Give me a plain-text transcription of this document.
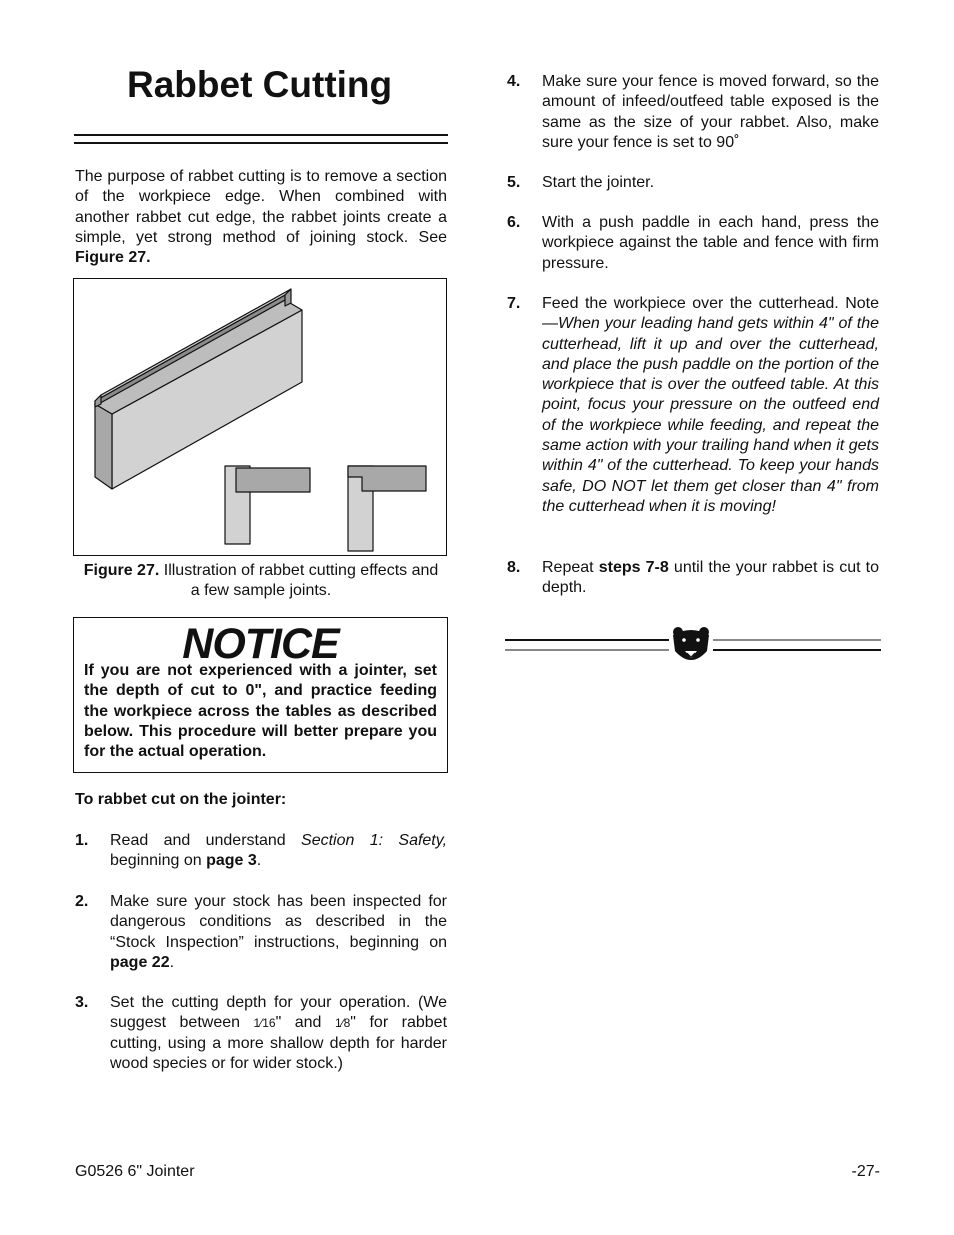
Rabbet Cutting

The purpose of rabbet cutting is to remove a section of the workpiece edge. When combined with another rabbet cut edge, the rabbet joints create a simple, yet strong method of joining stock. See Figure 27.

Figure 27. Illustration of rabbet cutting effects and a few sample joints.
NOTICE
If you are not experienced with a jointer, set the depth of cut to 0", and practice feeding the workpiece across the tables as described below. This procedure will better prepare you for the actual operation.
To rabbet cut on the jointer:
1. Read and understand Section 1: Safety, beginning on page 3.
2. Make sure your stock has been inspected for dangerous conditions as described in the “Stock Inspection” instructions, beginning on page 22.
3. Set the cutting depth for your operation. (We suggest between 1⁄16" and 1⁄8" for rabbet cutting, using a more shallow depth for harder wood species or for wider stock.)
4. Make sure your fence is moved forward, so the amount of infeed/outfeed table exposed is the same as the size of your rabbet. Also, make sure your fence is set to 90˚
5. Start the jointer.
6. With a push paddle in each hand, press the workpiece against the table and fence with firm pressure.
7. Feed the workpiece over the cutterhead. Note—When your leading hand gets within 4" of the cutterhead, lift it up and over the cutterhead, and place the push paddle on the portion of the workpiece that is over the outfeed table. At this point, focus your pressure on the outfeed end of the workpiece while feeding, and repeat the same action with your trailing hand when it gets within 4" of the cutterhead. To keep your hands safe, DO NOT let them get closer than 4" from the cutterhead when it is moving!
8. Repeat steps 7-8 until the your rabbet is cut to depth.
G0526 6" Jointer	-27-
